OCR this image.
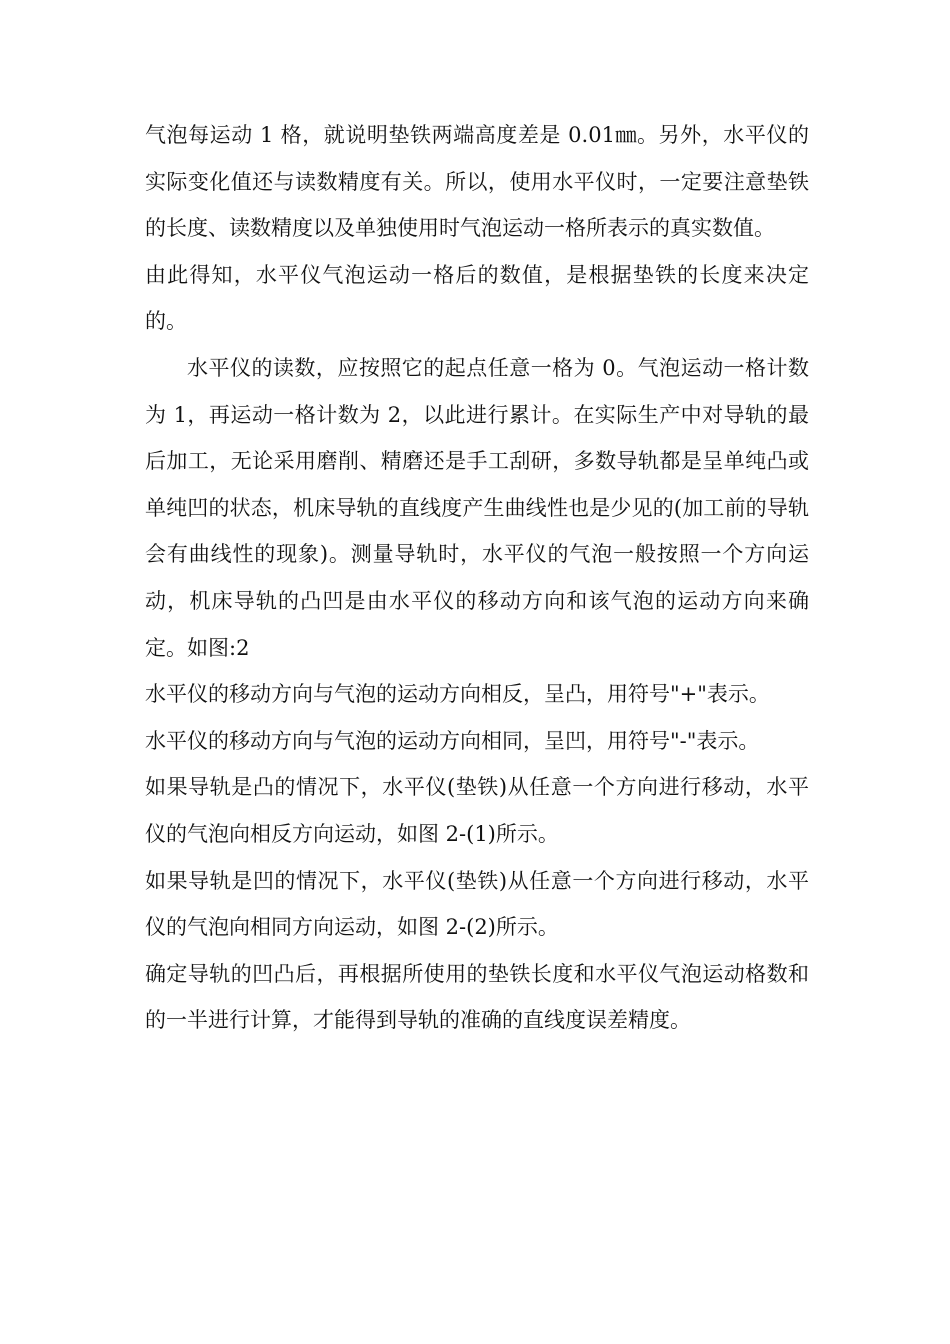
气泡每运动 1 格，就说明垫铁两端高度差是 0.01㎜。另外，水平仪的实际变化值还与读数精度有关。所以，使用水平仪时，一定要注意垫铁的长度、读数精度以及单独使用时气泡运动一格所表示的真实数值。

由此得知，水平仪气泡运动一格后的数值，是根据垫铁的长度来决定的。

水平仪的读数，应按照它的起点任意一格为 0。气泡运动一格计数为 1，再运动一格计数为 2，以此进行累计。在实际生产中对导轨的最后加工，无论采用磨削、精磨还是手工刮研，多数导轨都是呈单纯凸或单纯凹的状态，机床导轨的直线度产生曲线性也是少见的(加工前的导轨会有曲线性的现象)。测量导轨时，水平仪的气泡一般按照一个方向运动，机床导轨的凸凹是由水平仪的移动方向和该气泡的运动方向来确定。如图:2

水平仪的移动方向与气泡的运动方向相反，呈凸，用符号"+"表示。

水平仪的移动方向与气泡的运动方向相同，呈凹，用符号"-"表示。

如果导轨是凸的情况下，水平仪(垫铁)从任意一个方向进行移动，水平仪的气泡向相反方向运动，如图 2-(1)所示。

如果导轨是凹的情况下，水平仪(垫铁)从任意一个方向进行移动，水平仪的气泡向相同方向运动，如图 2-(2)所示。

确定导轨的凹凸后，再根据所使用的垫铁长度和水平仪气泡运动格数和的一半进行计算，才能得到导轨的准确的直线度误差精度。
